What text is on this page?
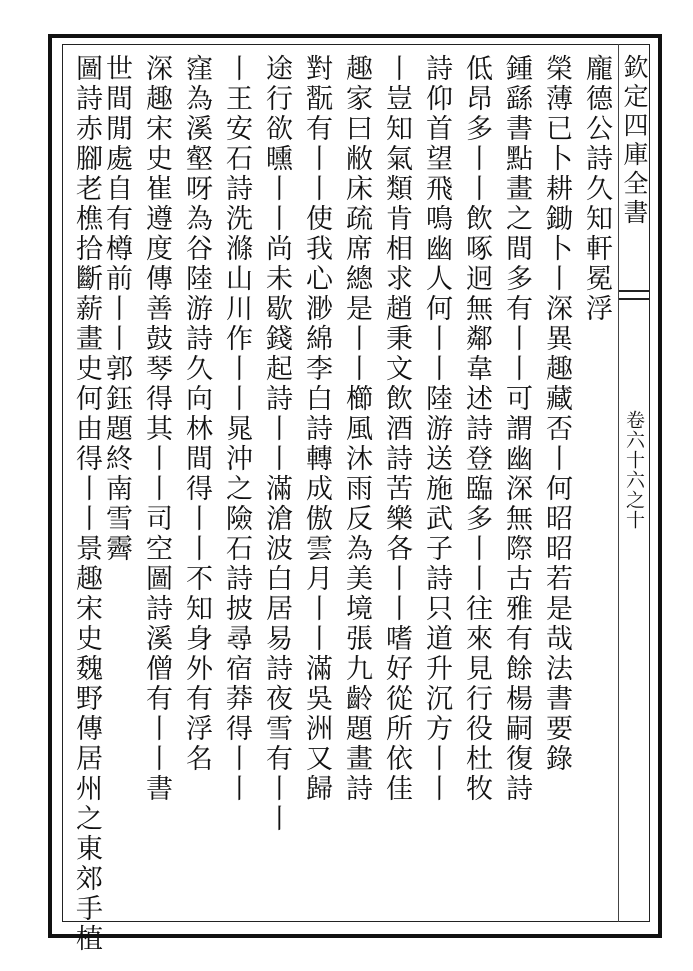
欽定四庫全書
卷六十六之十
龐德公詩久知軒冕浮
榮薄已卜耕鋤卜丨深異趣藏否丨何昭昭若是哉法書要錄
鍾繇書點畫之間多有丨丨可謂幽深無際古雅有餘楊嗣復詩
低昂多丨丨飲啄迥無鄰韋述詩登臨多丨丨往來見行役杜牧
詩仰首望飛鳴幽人何丨丨陸游送施武子詩只道升沉方丨丨
丨豈知氣類肯相求趙秉文飲酒詩苦樂各丨丨嗜好從所依佳
趣家曰敝床疏席總是丨丨櫛風沐雨反為美境張九齡題畫詩
對翫有丨丨使我心渺綿李白詩轉成傲雲月丨丨滿吳洲又歸
途行欲曛丨丨尚未歇錢起詩丨丨滿滄波白居易詩夜雪有丨丨
丨王安石詩洗滌山川作丨丨晁沖之險石詩披尋宿莽得丨丨
窪為溪壑呀為谷陸游詩久向林間得丨丨不知身外有浮名
深趣宋史崔遵度傳善鼓琴得其丨丨司空圖詩溪僧有丨丨書
世間閒處自有樽前丨丨郭鈺題終南雪霽
圖詩赤腳老樵拾斷薪畫史何由得丨丨景趣宋史魏野傳居州之東郊手植
